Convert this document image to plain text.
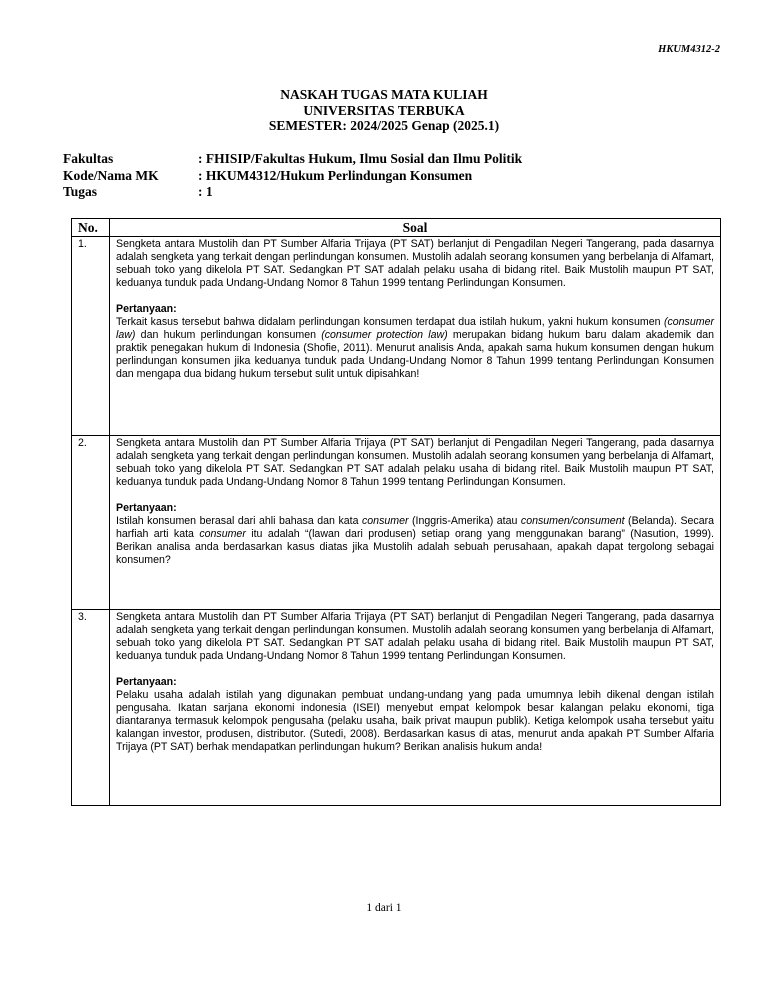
HKUM4312-2
NASKAH TUGAS MATA KULIAH
UNIVERSITAS TERBUKA
SEMESTER: 2024/2025 Genap (2025.1)
Fakultas	: FHISIP/Fakultas Hukum, Ilmu Sosial dan Ilmu Politik
Kode/Nama MK	: HKUM4312/Hukum Perlindungan Konsumen
Tugas	: 1
No.	Soal
1.	Sengketa antara Mustolih dan PT Sumber Alfaria Trijaya (PT SAT) berlanjut di Pengadilan Negeri Tangerang, pada dasarnya adalah sengketa yang terkait dengan perlindungan konsumen. Mustolih adalah seorang konsumen yang berbelanja di Alfamart, sebuah toko yang dikelola PT SAT. Sedangkan PT SAT adalah pelaku usaha di bidang ritel. Baik Mustolih maupun PT SAT, keduanya tunduk pada Undang-Undang Nomor 8 Tahun 1999 tentang Perlindungan Konsumen.

Pertanyaan:

Terkait kasus tersebut bahwa didalam perlindungan konsumen terdapat dua istilah hukum, yakni hukum konsumen (consumer law) dan hukum perlindungan konsumen (consumer protection law) merupakan bidang hukum baru dalam akademik dan praktik penegakan hukum di Indonesia (Shofie, 2011). Menurut analisis Anda, apakah sama hukum konsumen dengan hukum perlindungan konsumen jika keduanya tunduk pada Undang-Undang Nomor 8 Tahun 1999 tentang Perlindungan Konsumen dan mengapa dua bidang hukum tersebut sulit untuk dipisahkan!

2.	Sengketa antara Mustolih dan PT Sumber Alfaria Trijaya (PT SAT) berlanjut di Pengadilan Negeri Tangerang, pada dasarnya adalah sengketa yang terkait dengan perlindungan konsumen. Mustolih adalah seorang konsumen yang berbelanja di Alfamart, sebuah toko yang dikelola PT SAT. Sedangkan PT SAT adalah pelaku usaha di bidang ritel. Baik Mustolih maupun PT SAT, keduanya tunduk pada Undang-Undang Nomor 8 Tahun 1999 tentang Perlindungan Konsumen.

Pertanyaan:

Istilah konsumen berasal dari ahli bahasa dan kata consumer (Inggris-Amerika) atau consumen/consument (Belanda). Secara harfiah arti kata consumer itu adalah “(lawan dari produsen) setiap orang yang menggunakan barang” (Nasution, 1999). Berikan analisa anda berdasarkan kasus diatas jika Mustolih adalah sebuah perusahaan, apakah dapat tergolong sebagai konsumen?

3.	Sengketa antara Mustolih dan PT Sumber Alfaria Trijaya (PT SAT) berlanjut di Pengadilan Negeri Tangerang, pada dasarnya adalah sengketa yang terkait dengan perlindungan konsumen. Mustolih adalah seorang konsumen yang berbelanja di Alfamart, sebuah toko yang dikelola PT SAT. Sedangkan PT SAT adalah pelaku usaha di bidang ritel. Baik Mustolih maupun PT SAT, keduanya tunduk pada Undang-Undang Nomor 8 Tahun 1999 tentang Perlindungan Konsumen.

Pertanyaan:

Pelaku usaha adalah istilah yang digunakan pembuat undang-undang yang pada umumnya lebih dikenal dengan istilah pengusaha. Ikatan sarjana ekonomi indonesia (ISEI) menyebut empat kelompok besar kalangan pelaku ekonomi, tiga diantaranya termasuk kelompok pengusaha (pelaku usaha, baik privat maupun publik). Ketiga kelompok usaha tersebut yaitu kalangan investor, produsen, distributor. (Sutedi, 2008). Berdasarkan kasus di atas, menurut anda apakah PT Sumber Alfaria Trijaya (PT SAT) berhak mendapatkan perlindungan hukum? Berikan analisis hukum anda!

1 dari 1
